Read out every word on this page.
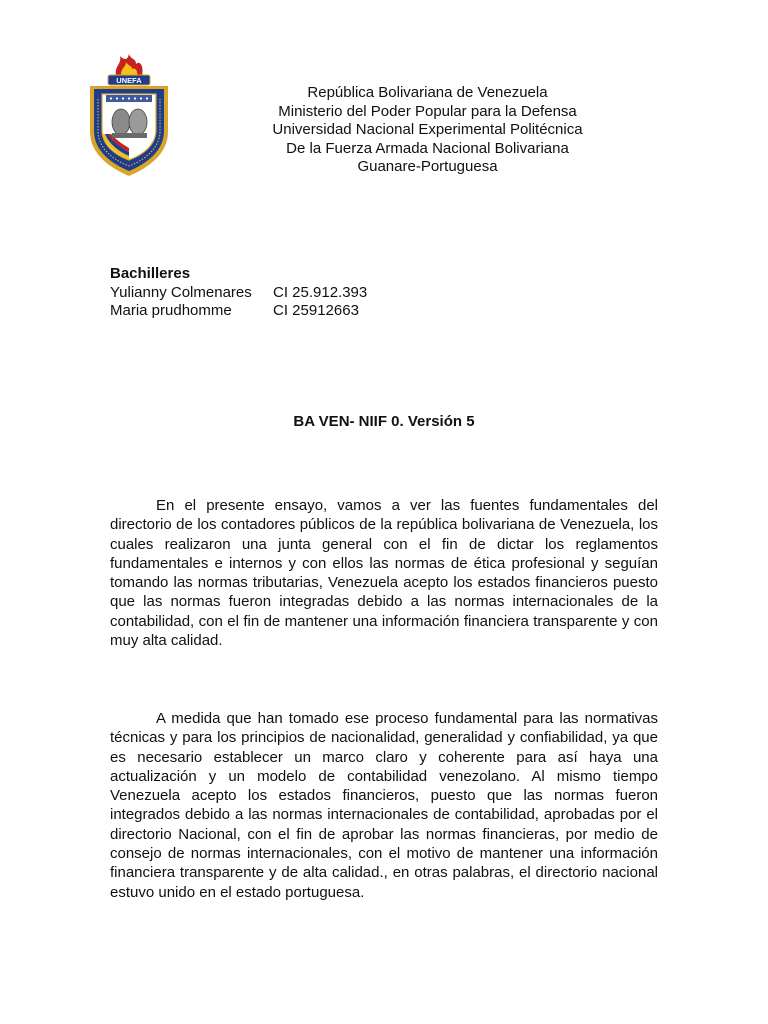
UNEFA
República Bolivariana de Venezuela
Ministerio del Poder Popular para la Defensa
Universidad Nacional Experimental Politécnica
De la Fuerza Armada Nacional Bolivariana
Guanare-Portuguesa
Bachilleres
Yulianny Colmenares	CI 25.912.393
Maria prudhomme	CI 25912663
BA VEN- NIIF 0. Versión 5

En el presente ensayo, vamos a ver las fuentes fundamentales del directorio de los contadores públicos de la república bolivariana de Venezuela, los cuales realizaron una junta general con el fin de dictar los reglamentos fundamentales e internos y con ellos las normas de ética profesional y seguían tomando las normas tributarias, Venezuela acepto los estados financieros puesto que las normas fueron integradas debido a las normas internacionales de la contabilidad, con el fin de mantener una información financiera transparente y con muy alta calidad.

A medida que han tomado ese proceso fundamental para las normativas técnicas y para los principios de nacionalidad, generalidad y confiabilidad, ya que es necesario establecer un marco claro y coherente para así haya una actualización y un modelo de contabilidad venezolano. Al mismo tiempo Venezuela acepto los estados financieros, puesto que las normas fueron integrados debido a las normas internacionales de contabilidad, aprobadas por el directorio Nacional, con el fin de aprobar las normas financieras, por medio de consejo de normas internacionales, con el motivo de mantener una información financiera transparente y de alta calidad., en otras palabras, el directorio nacional estuvo unido en el estado portuguesa.
